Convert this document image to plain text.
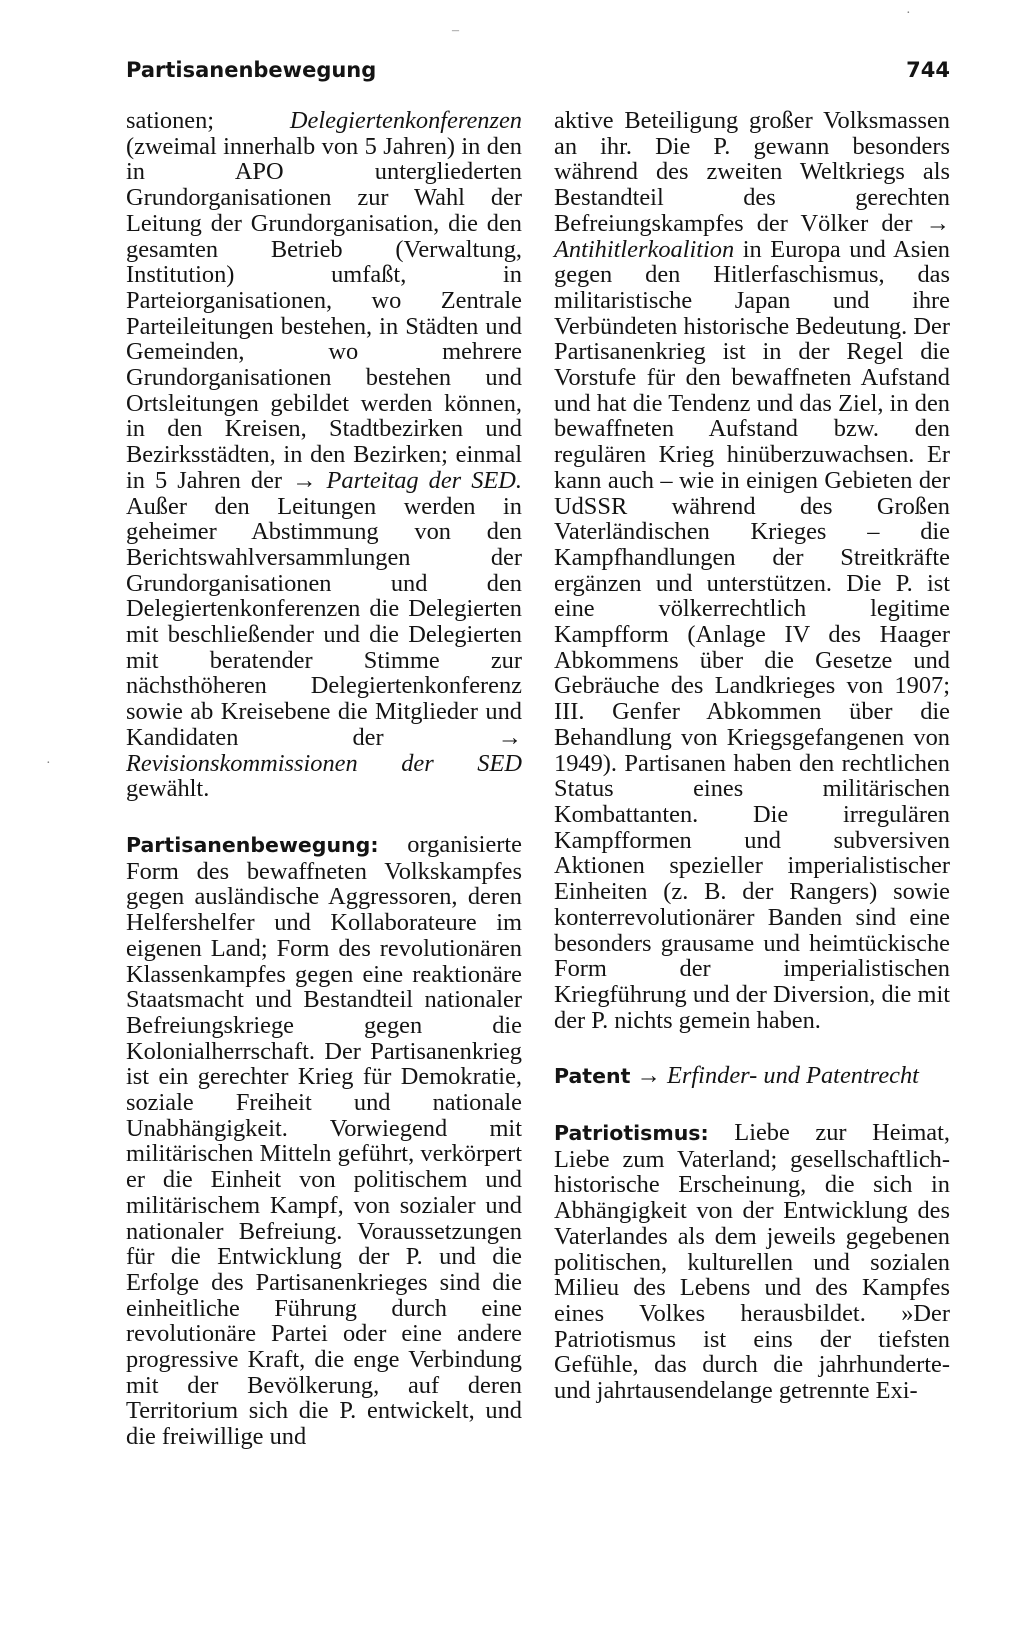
Partisanenbewegung	744

sationen; Delegiertenkonferenzen (zweimal innerhalb von 5 Jahren) in den in APO untergliederten Grundorganisationen zur Wahl der Leitung der Grundorganisation, die den gesamten Betrieb (Verwaltung, Institution) umfaßt, in Parteiorganisationen, wo Zentrale Parteileitungen bestehen, in Städten und Gemeinden, wo mehrere Grundorganisationen bestehen und Ortsleitungen gebildet werden können, in den Kreisen, Stadtbezirken und Bezirksstädten, in den Bezirken; einmal in 5 Jahren der → Parteitag der SED. Außer den Leitungen werden in geheimer Abstimmung von den Berichtswahlversammlungen der Grundorganisationen und den Delegiertenkonferenzen die Delegierten mit beschließender und die Delegierten mit beratender Stimme zur nächsthöheren Delegiertenkonferenz sowie ab Kreisebene die Mitglieder und Kandidaten der → Revisionskommissionen der SED gewählt.

Partisanenbewegung: organisierte Form des bewaffneten Volkskampfes gegen ausländische Aggressoren, deren Helfershelfer und Kollaborateure im eigenen Land; Form des revolutionären Klassenkampfes gegen eine reaktionäre Staatsmacht und Bestandteil nationaler Befreiungskriege gegen die Kolonialherrschaft. Der Partisanenkrieg ist ein gerechter Krieg für Demokratie, soziale Freiheit und nationale Unabhängigkeit. Vorwiegend mit militärischen Mitteln geführt, verkörpert er die Einheit von politischem und militärischem Kampf, von sozialer und nationaler Befreiung. Voraussetzungen für die Entwicklung der P. und die Erfolge des Partisanenkrieges sind die einheitliche Führung durch eine revolutionäre Partei oder eine andere progressive Kraft, die enge Verbindung mit der Bevölkerung, auf deren Territorium sich die P. entwickelt, und die freiwillige und

aktive Beteiligung großer Volksmassen an ihr. Die P. gewann besonders während des zweiten Weltkriegs als Bestandteil des gerechten Befreiungskampfes der Völker der → Antihitlerkoalition in Europa und Asien gegen den Hitlerfaschismus, das militaristische Japan und ihre Verbündeten historische Bedeutung. Der Partisanenkrieg ist in der Regel die Vorstufe für den bewaffneten Aufstand und hat die Tendenz und das Ziel, in den bewaffneten Aufstand bzw. den regulären Krieg hinüberzuwachsen. Er kann auch – wie in einigen Gebieten der UdSSR während des Großen Vaterländischen Krieges – die Kampfhandlungen der Streitkräfte ergänzen und unterstützen. Die P. ist eine völkerrechtlich legitime Kampfform (Anlage IV des Haager Abkommens über die Gesetze und Gebräuche des Landkrieges von 1907; III. Genfer Abkommen über die Behandlung von Kriegsgefangenen von 1949). Partisanen haben den rechtlichen Status eines militärischen Kombattanten. Die irregulären Kampfformen und subversiven Aktionen spezieller imperialistischer Einheiten (z. B. der Rangers) sowie konterrevolutionärer Banden sind eine besonders grausame und heimtückische Form der imperialistischen Kriegführung und der Diversion, die mit der P. nichts gemein haben.

Patent → Erfinder- und Patentrecht

Patriotismus: Liebe zur Heimat, Liebe zum Vaterland; gesellschaftlich-historische Erscheinung, die sich in Abhängigkeit von der Entwicklung des Vaterlandes als dem jeweils gegebenen politischen, kulturellen und sozialen Milieu des Lebens und des Kampfes eines Volkes herausbildet. »Der Patriotismus ist eins der tiefsten Gefühle, das durch die jahrhunderte- und jahrtausendelange getrennte Exi-

¯
·
·
